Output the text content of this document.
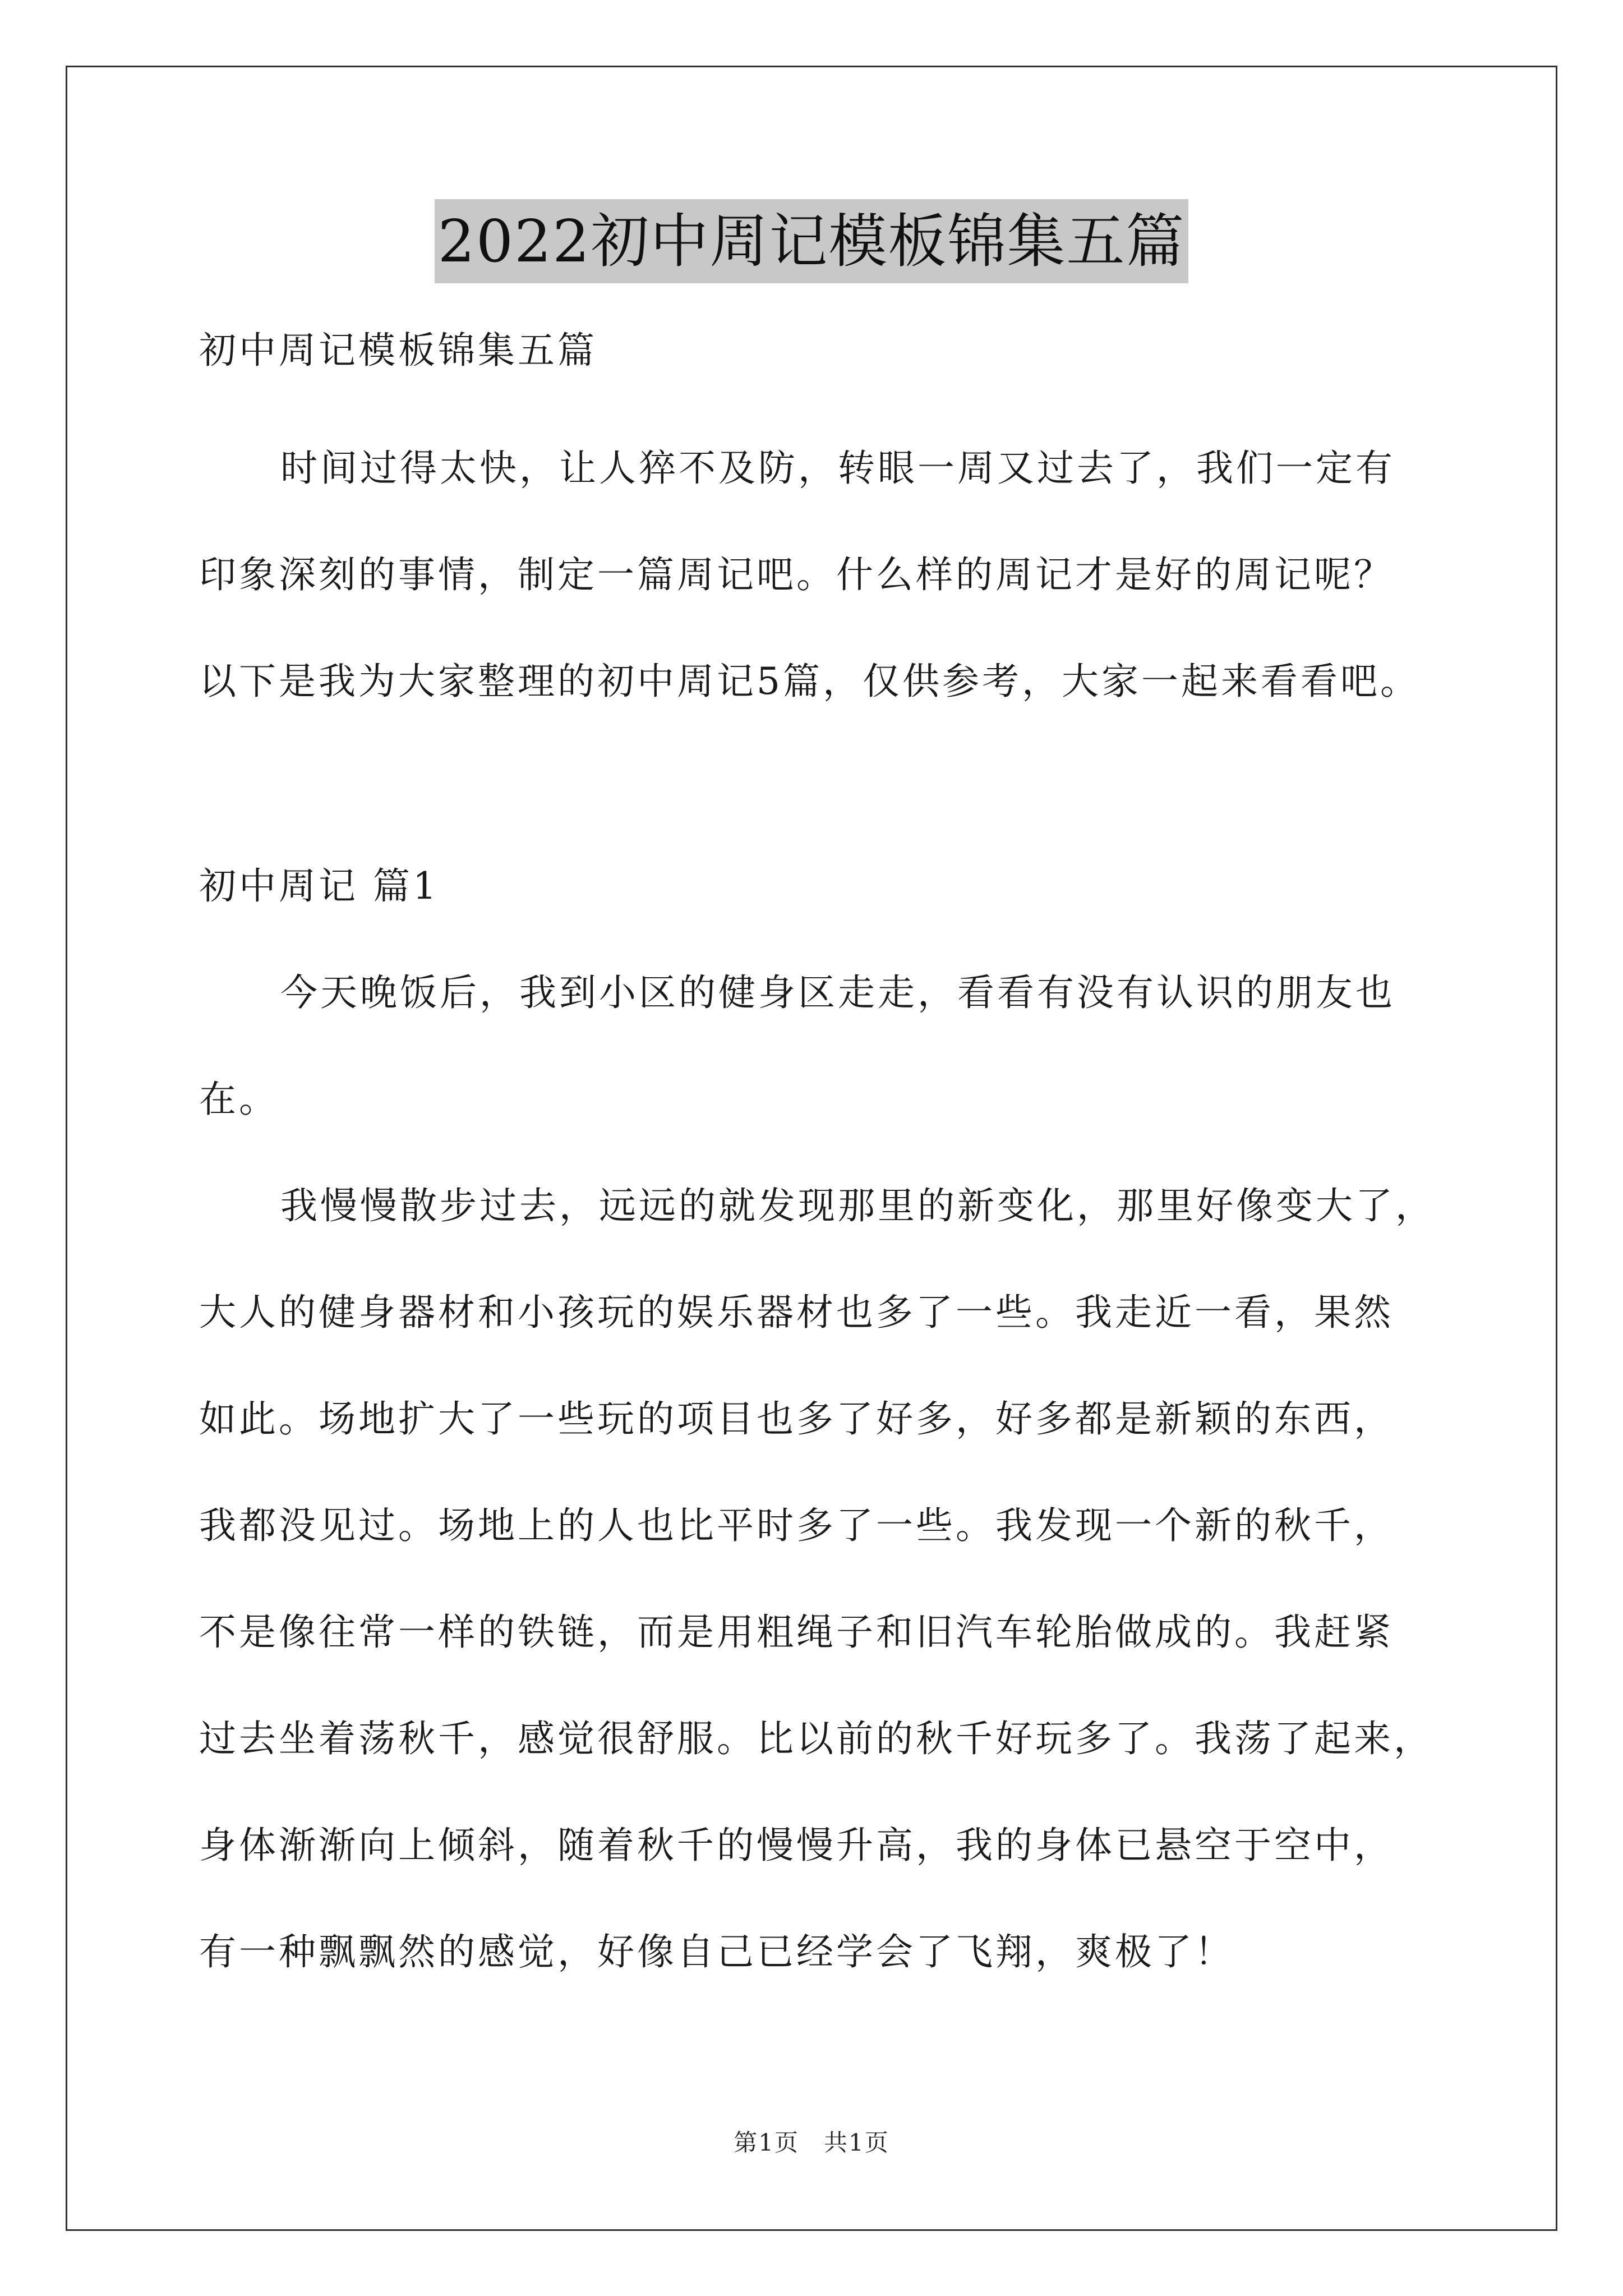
2022初中周记模板锦集五篇
初中周记模板锦集五篇
时间过得太快，让人猝不及防，转眼一周又过去了，我们一定有
印象深刻的事情，制定一篇周记吧。什么样的周记才是好的周记呢？
以下是我为大家整理的初中周记5篇，仅供参考，大家一起来看看吧。
初中周记 篇1
今天晚饭后，我到小区的健身区走走，看看有没有认识的朋友也
在。
我慢慢散步过去，远远的就发现那里的新变化，那里好像变大了，
大人的健身器材和小孩玩的娱乐器材也多了一些。我走近一看，果然
如此。场地扩大了一些玩的项目也多了好多，好多都是新颖的东西，
我都没见过。场地上的人也比平时多了一些。我发现一个新的秋千，
不是像往常一样的铁链，而是用粗绳子和旧汽车轮胎做成的。我赶紧
过去坐着荡秋千，感觉很舒服。比以前的秋千好玩多了。我荡了起来，
身体渐渐向上倾斜，随着秋千的慢慢升高，我的身体已悬空于空中，
有一种飘飘然的感觉，好像自己已经学会了飞翔，爽极了！
第1页　共1页
